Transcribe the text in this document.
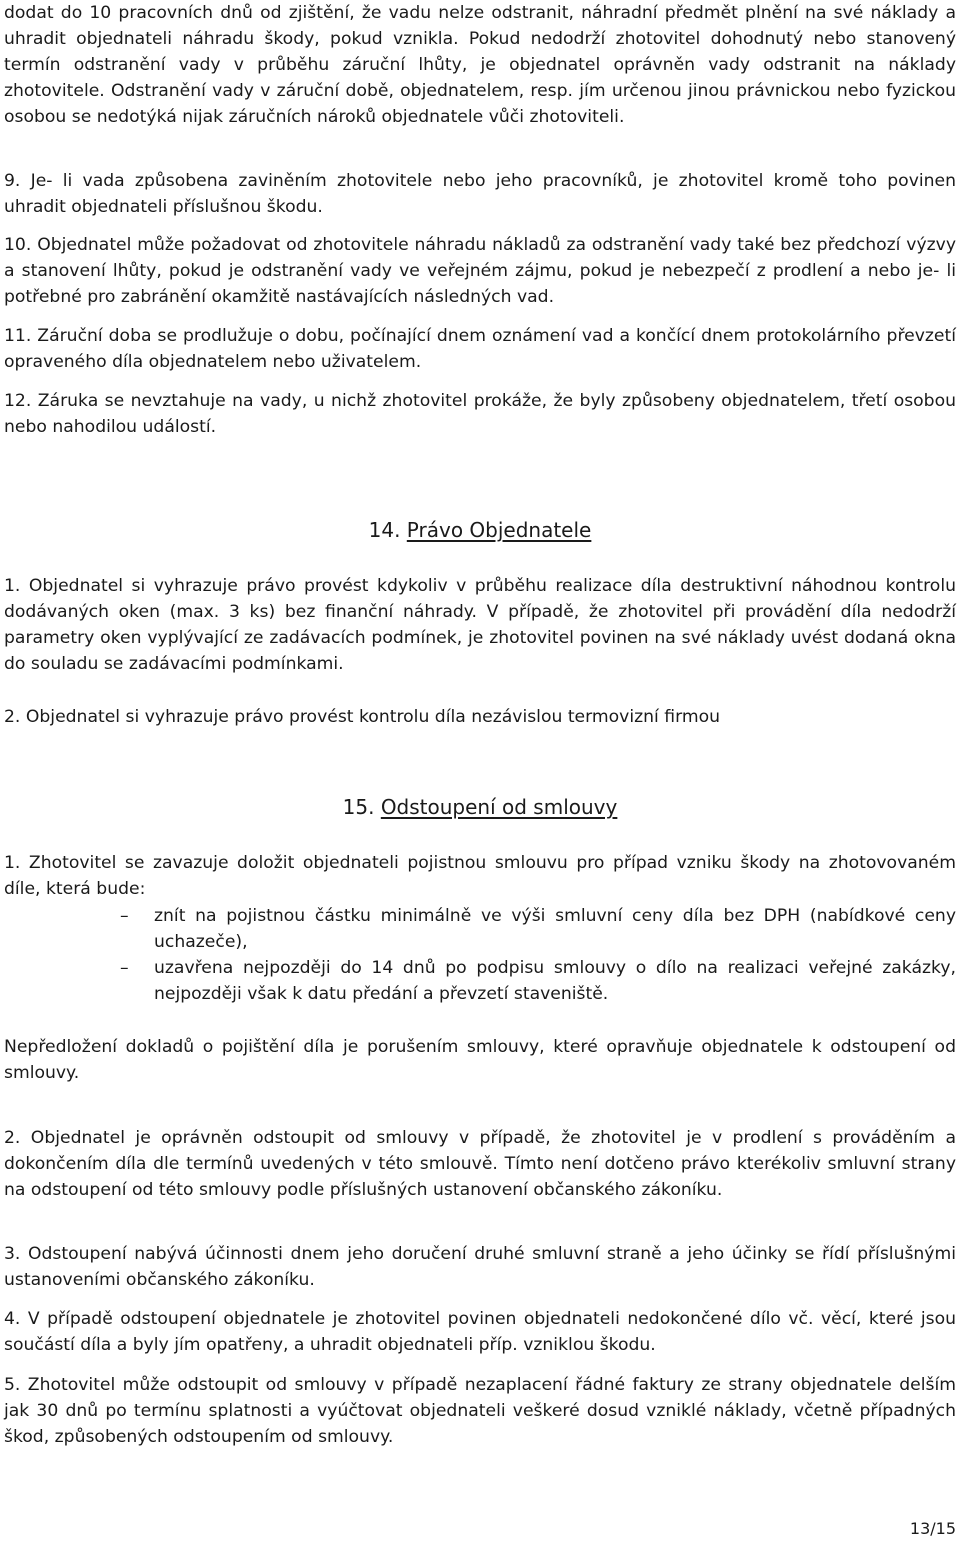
dodat do 10 pracovních dnů od zjištění, že vadu nelze odstranit, náhradní předmět plnění na své náklady a uhradit objednateli náhradu škody, pokud vznikla. Pokud nedodrží zhotovitel dohodnutý nebo stanovený termín odstranění vady v průběhu záruční lhůty, je objednatel oprávněn vady odstranit na náklady zhotovitele. Odstranění vady v záruční době, objednatelem, resp. jím určenou jinou právnickou nebo fyzickou osobou se nedotýká nijak záručních nároků objednatele vůči zhotoviteli.

9. Je- li vada způsobena zaviněním zhotovitele nebo jeho pracovníků, je zhotovitel kromě toho povinen uhradit objednateli příslušnou škodu.

10. Objednatel může požadovat od zhotovitele náhradu nákladů za odstranění vady také bez předchozí výzvy a stanovení lhůty, pokud je odstranění vady ve veřejném zájmu, pokud je nebezpečí z prodlení a nebo je- li potřebné pro zabránění okamžitě nastávajících následných vad.

11. Záruční doba se prodlužuje o dobu, počínající dnem oznámení vad a končící dnem protokolárního převzetí opraveného díla objednatelem nebo uživatelem.

12. Záruka se nevztahuje na vady, u nichž zhotovitel prokáže, že byly způsobeny objednatelem, třetí osobou nebo nahodilou událostí.

14. Právo Objednatele

1. Objednatel si vyhrazuje právo provést kdykoliv v průběhu realizace díla destruktivní náhodnou kontrolu dodávaných oken (max. 3 ks) bez finanční náhrady. V případě, že zhotovitel při provádění díla nedodrží parametry oken vyplývající ze zadávacích podmínek, je zhotovitel povinen na své náklady uvést dodaná okna do souladu se zadávacími podmínkami.

2. Objednatel si vyhrazuje právo provést kontrolu díla nezávislou termovizní firmou

15. Odstoupení od smlouvy

1. Zhotovitel se zavazuje doložit objednateli pojistnou smlouvu pro případ vzniku škody na zhotovovaném díle, která bude:

– znít na pojistnou částku minimálně ve výši smluvní ceny díla bez DPH (nabídkové ceny uchazeče),

– uzavřena nejpozději do 14 dnů po podpisu smlouvy o dílo na realizaci veřejné zakázky, nejpozději však k datu předání a převzetí staveniště.

Nepředložení dokladů o pojištění díla je porušením smlouvy, které opravňuje objednatele k odstoupení od smlouvy.

2. Objednatel je oprávněn odstoupit od smlouvy v případě, že zhotovitel je v prodlení s prováděním a dokončením díla dle termínů uvedených v této smlouvě. Tímto není dotčeno právo kterékoliv smluvní strany na odstoupení od této smlouvy podle příslušných ustanovení občanského zákoníku.

3. Odstoupení nabývá účinnosti dnem jeho doručení druhé smluvní straně a jeho účinky se řídí příslušnými ustanoveními občanského zákoníku.

4. V případě odstoupení objednatele je zhotovitel povinen objednateli nedokončené dílo vč. věcí, které jsou součástí díla a byly jím opatřeny, a uhradit objednateli příp. vzniklou škodu.

5. Zhotovitel může odstoupit od smlouvy v případě nezaplacení řádné faktury ze strany objednatele delším jak 30 dnů po termínu splatnosti a vyúčtovat objednateli veškeré dosud vzniklé náklady, včetně případných škod, způsobených odstoupením od smlouvy.

13/15
